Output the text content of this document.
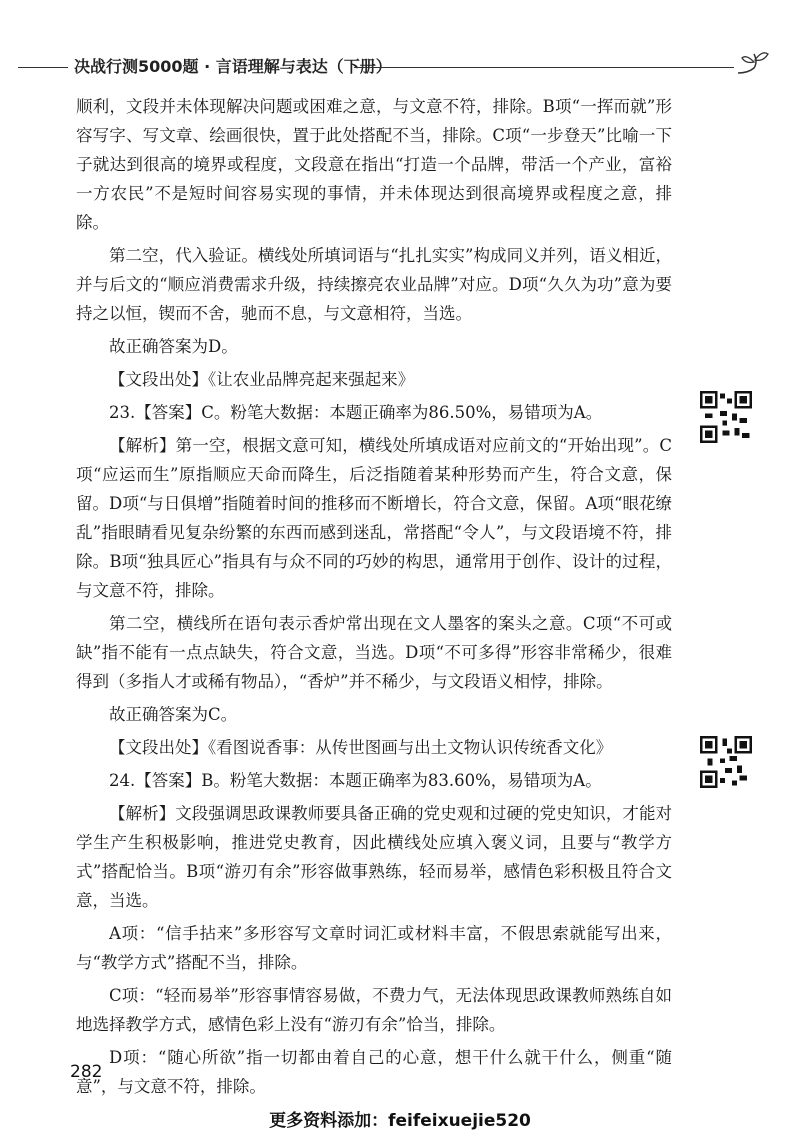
决战行测5000题 · 言语理解与表达（下册）

顺利，文段并未体现解决问题或困难之意，与文意不符，排除。B项“一挥而就”形容写字、写文章、绘画很快，置于此处搭配不当，排除。C项“一步登天”比喻一下子就达到很高的境界或程度，文段意在指出“打造一个品牌，带活一个产业，富裕一方农民”不是短时间容易实现的事情，并未体现达到很高境界或程度之意，排除。

第二空，代入验证。横线处所填词语与“扎扎实实”构成同义并列，语义相近，并与后文的“顺应消费需求升级，持续擦亮农业品牌”对应。D项“久久为功”意为要持之以恒，锲而不舍，驰而不息，与文意相符，当选。

故正确答案为D。

【文段出处】《让农业品牌亮起来强起来》

23.【答案】C。粉笔大数据：本题正确率为86.50%，易错项为A。

【解析】第一空，根据文意可知，横线处所填成语对应前文的“开始出现”。C项“应运而生”原指顺应天命而降生，后泛指随着某种形势而产生，符合文意，保留。D项“与日俱增”指随着时间的推移而不断增长，符合文意，保留。A项“眼花缭乱”指眼睛看见复杂纷繁的东西而感到迷乱，常搭配“令人”，与文段语境不符，排除。B项“独具匠心”指具有与众不同的巧妙的构思，通常用于创作、设计的过程，与文意不符，排除。

第二空，横线所在语句表示香炉常出现在文人墨客的案头之意。C项“不可或缺”指不能有一点点缺失，符合文意，当选。D项“不可多得”形容非常稀少，很难得到（多指人才或稀有物品），“香炉”并不稀少，与文段语义相悖，排除。

故正确答案为C。

【文段出处】《看图说香事：从传世图画与出土文物认识传统香文化》

24.【答案】B。粉笔大数据：本题正确率为83.60%，易错项为A。

【解析】文段强调思政课教师要具备正确的党史观和过硬的党史知识，才能对学生产生积极影响，推进党史教育，因此横线处应填入褒义词，且要与“教学方式”搭配恰当。B项“游刃有余”形容做事熟练，轻而易举，感情色彩积极且符合文意，当选。

A项：“信手拈来”多形容写文章时词汇或材料丰富，不假思索就能写出来，与“教学方式”搭配不当，排除。

C项：“轻而易举”形容事情容易做，不费力气，无法体现思政课教师熟练自如地选择教学方式，感情色彩上没有“游刃有余”恰当，排除。

D项：“随心所欲”指一切都由着自己的心意，想干什么就干什么，侧重“随意”，与文意不符，排除。

282
更多资料添加：feifeixuejie520
